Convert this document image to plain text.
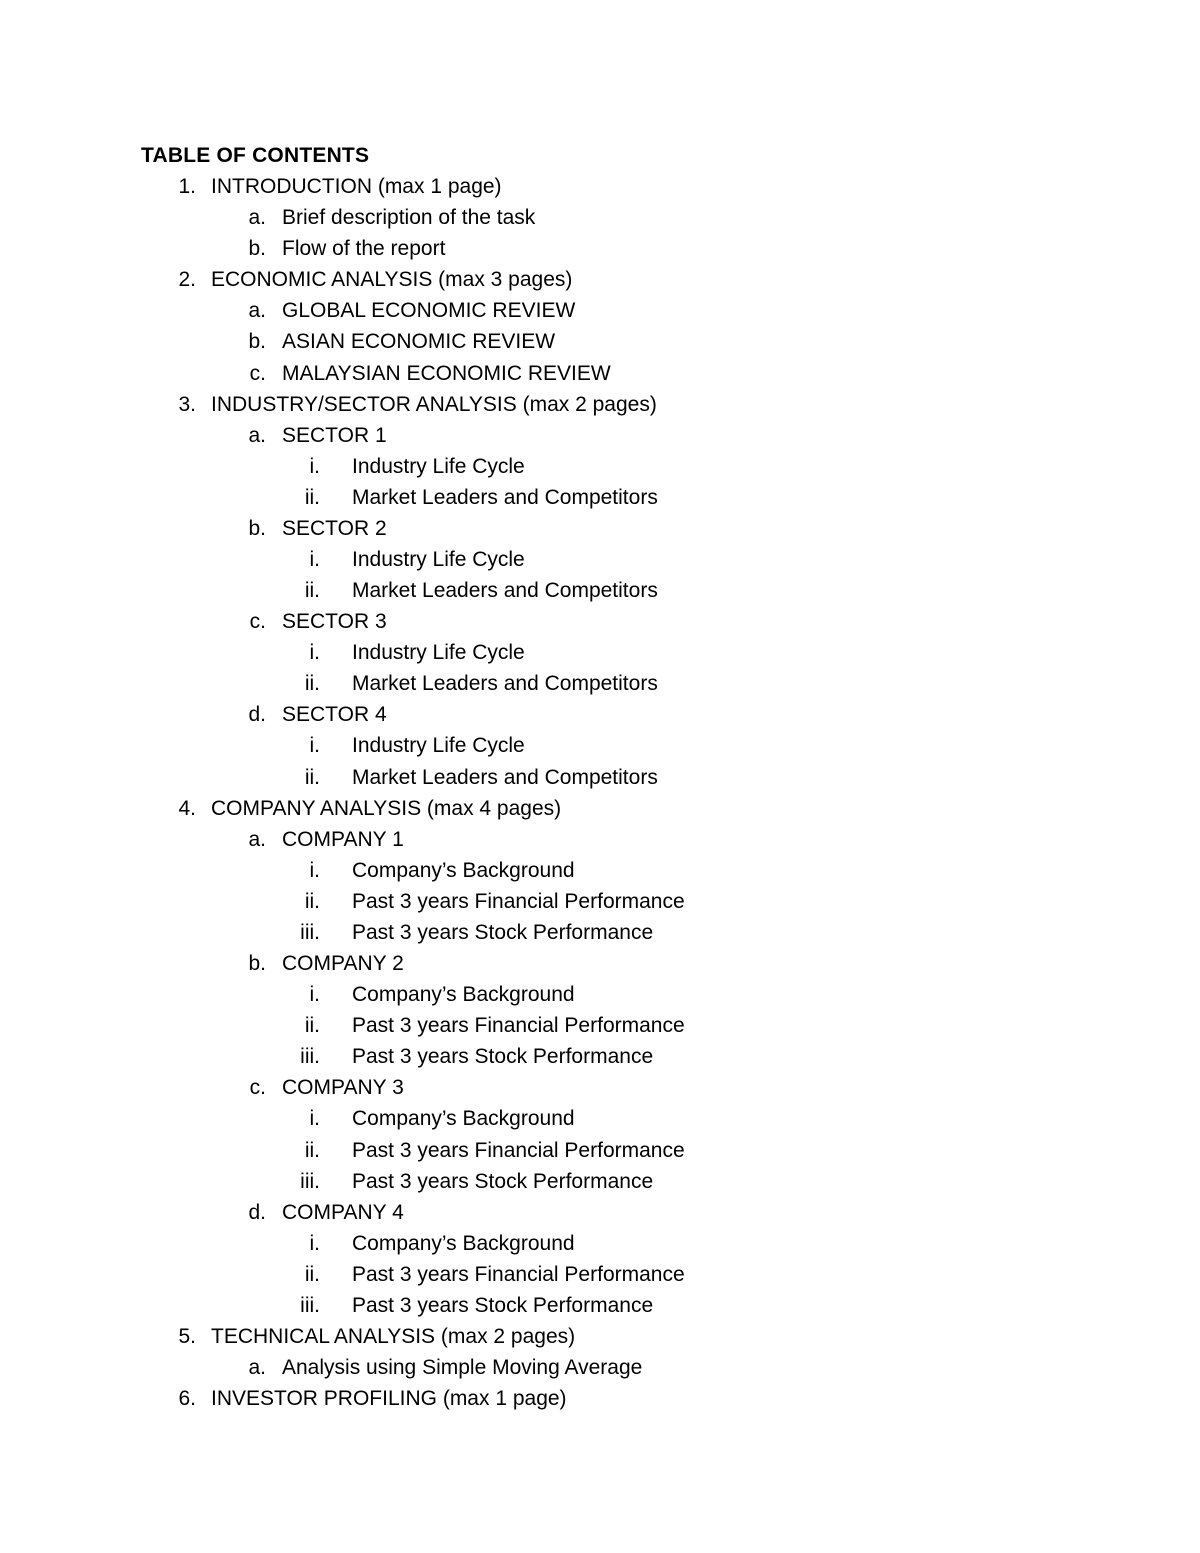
TABLE OF CONTENTS
1. INTRODUCTION (max 1 page)
a. Brief description of the task
b. Flow of the report
2. ECONOMIC ANALYSIS (max 3 pages)
a. GLOBAL ECONOMIC REVIEW
b. ASIAN ECONOMIC REVIEW
c. MALAYSIAN ECONOMIC REVIEW
3. INDUSTRY/SECTOR ANALYSIS (max 2 pages)
a. SECTOR 1
i. Industry Life Cycle
ii. Market Leaders and Competitors
b. SECTOR 2
i. Industry Life Cycle
ii. Market Leaders and Competitors
c. SECTOR 3
i. Industry Life Cycle
ii. Market Leaders and Competitors
d. SECTOR 4
i. Industry Life Cycle
ii. Market Leaders and Competitors
4. COMPANY ANALYSIS (max 4 pages)
a. COMPANY 1
i. Company’s Background
ii. Past 3 years Financial Performance
iii. Past 3 years Stock Performance
b. COMPANY 2
i. Company’s Background
ii. Past 3 years Financial Performance
iii. Past 3 years Stock Performance
c. COMPANY 3
i. Company’s Background
ii. Past 3 years Financial Performance
iii. Past 3 years Stock Performance
d. COMPANY 4
i. Company’s Background
ii. Past 3 years Financial Performance
iii. Past 3 years Stock Performance
5. TECHNICAL ANALYSIS (max 2 pages)
a. Analysis using Simple Moving Average
6. INVESTOR PROFILING (max 1 page)
